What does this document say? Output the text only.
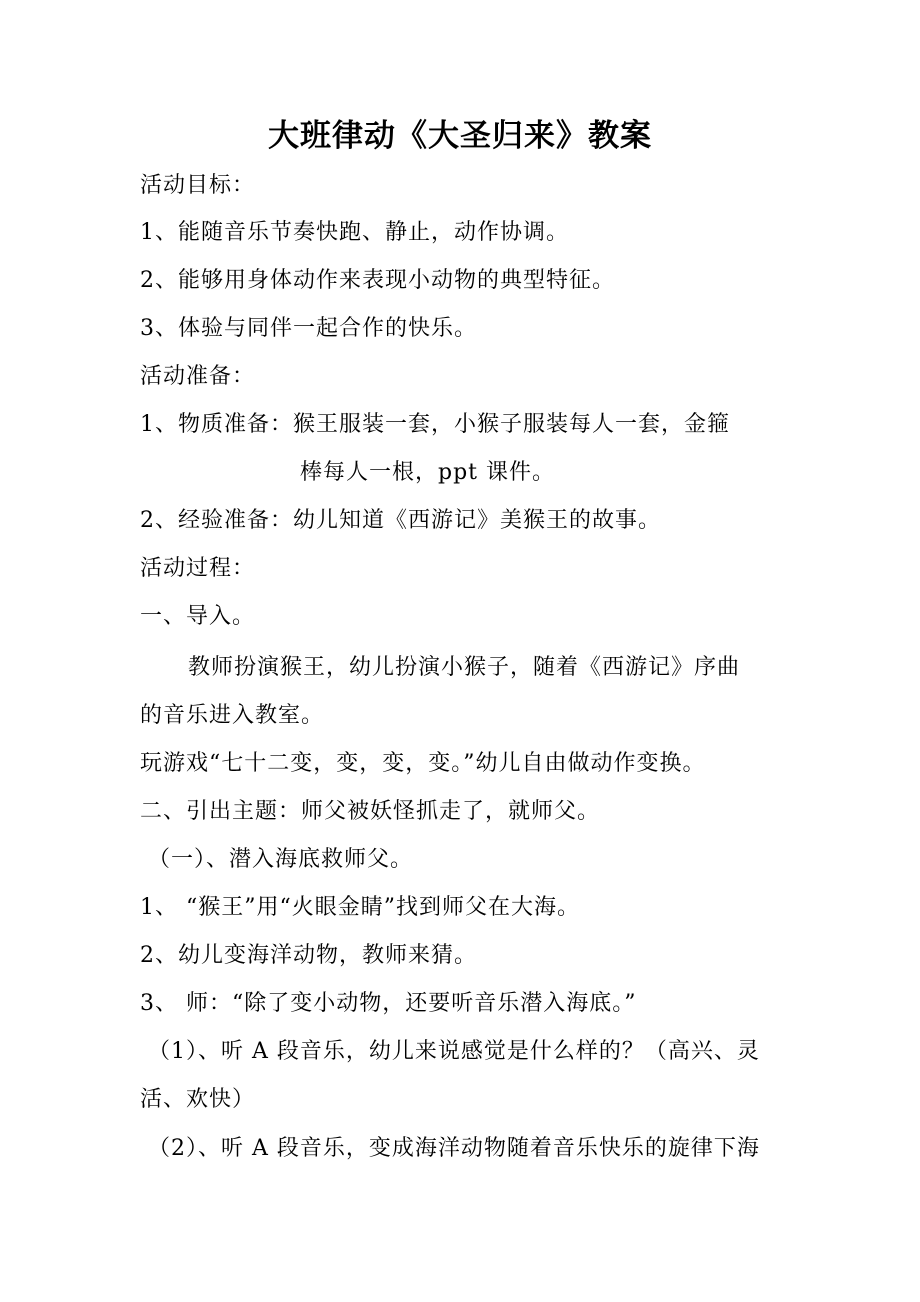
大班律动《大圣归来》教案
活动目标：
1、能随音乐节奏快跑、静止，动作协调。
2、能够用身体动作来表现小动物的典型特征。
3、体验与同伴一起合作的快乐。
活动准备：
1、物质准备：猴王服装一套，小猴子服装每人一套，金箍
棒每人一根，ppt 课件。
2、经验准备：幼儿知道《西游记》美猴王的故事。
活动过程：
一、导入。
教师扮演猴王，幼儿扮演小猴子，随着《西游记》序曲
的音乐进入教室。
玩游戏“七十二变，变，变，变。”幼儿自由做动作变换。
二、引出主题：师父被妖怪抓走了，就师父。
（一）、潜入海底救师父。
1、 “猴王”用“火眼金睛”找到师父在大海。
2、幼儿变海洋动物，教师来猜。
3、 师：“除了变小动物，还要听音乐潜入海底。”
（1）、听 A 段音乐，幼儿来说感觉是什么样的？（高兴、灵
活、欢快）
（2）、听 A 段音乐，变成海洋动物随着音乐快乐的旋律下海
